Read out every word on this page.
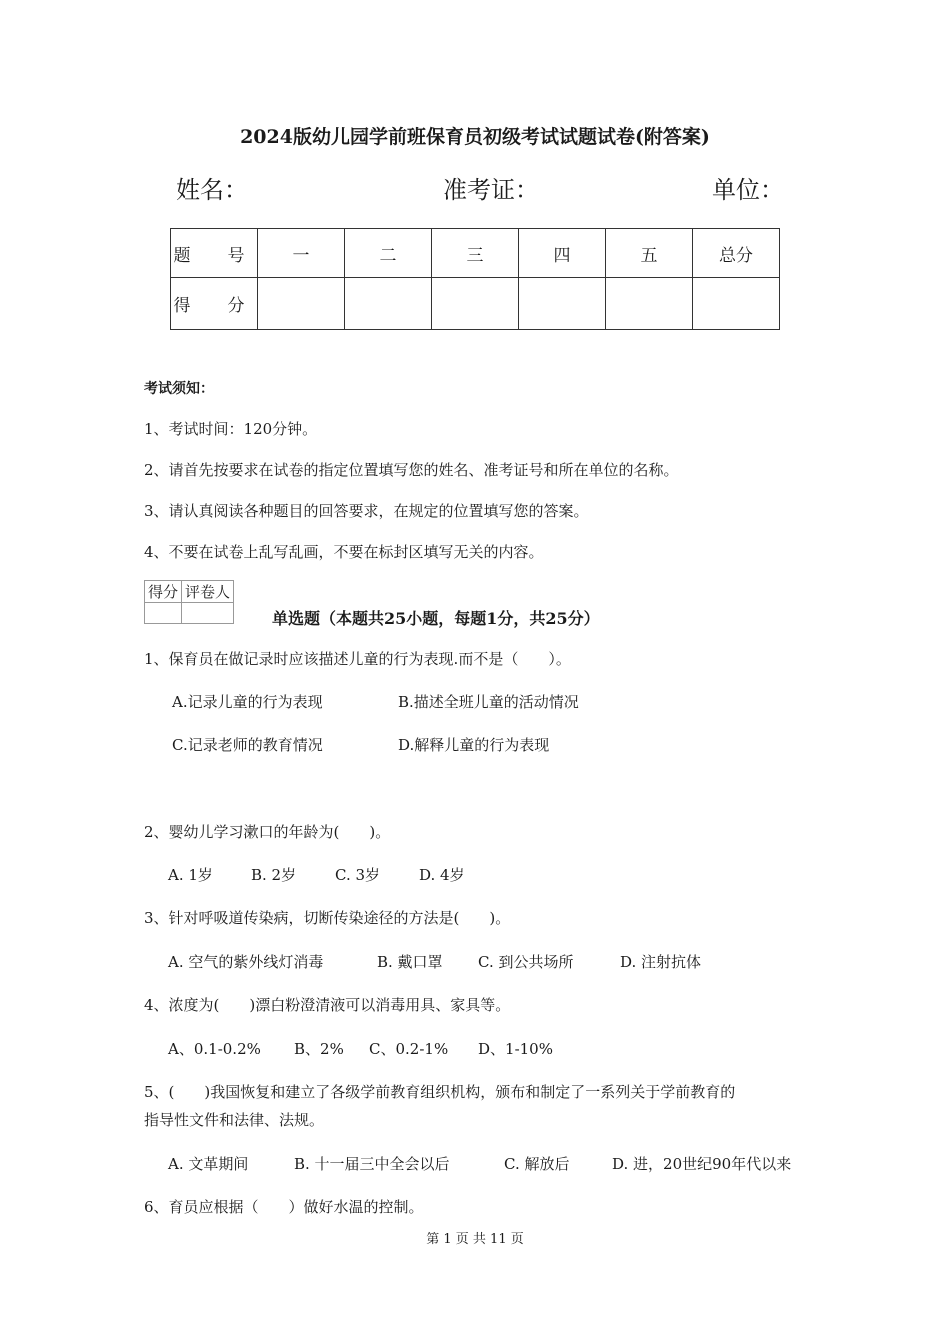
2024版幼儿园学前班保育员初级考试试题试卷(附答案)
姓名：	准考证：	单位：
题　号	一	二	三	四	五	总分
得　分						
考试须知：
1、考试时间：120分钟。
2、请首先按要求在试卷的指定位置填写您的姓名、准考证号和所在单位的名称。
3、请认真阅读各种题目的回答要求，在规定的位置填写您的答案。
4、不要在试卷上乱写乱画，不要在标封区填写无关的内容。
得分	评卷人

单选题（本题共25小题，每题1分，共25分）
1、保育员在做记录时应该描述儿童的行为表现.而不是（　　）。
A.记录儿童的行为表现	B.描述全班儿童的活动情况
C.记录老师的教育情况	D.解释儿童的行为表现
2、婴幼儿学习漱口的年龄为(　　)。
A. 1岁	B. 2岁	C. 3岁	D. 4岁
3、针对呼吸道传染病，切断传染途径的方法是(　　)。
A. 空气的紫外线灯消毒	B. 戴口罩 C. 到公共场所	D. 注射抗体
4、浓度为(　　)漂白粉澄清液可以消毒用具、家具等。
A、0.1-0.2% B、2% C、0.2-1% D、1-10%
5、(　　)我国恢复和建立了各级学前教育组织机构，颁布和制定了一系列关于学前教育的
指导性文件和法律、法规。
A. 文革期间	B. 十一届三中全会以后	C. 解放后	D. 进，20世纪90年代以来
6、育员应根据（　　）做好水温的控制。
第 1 页 共 11 页
